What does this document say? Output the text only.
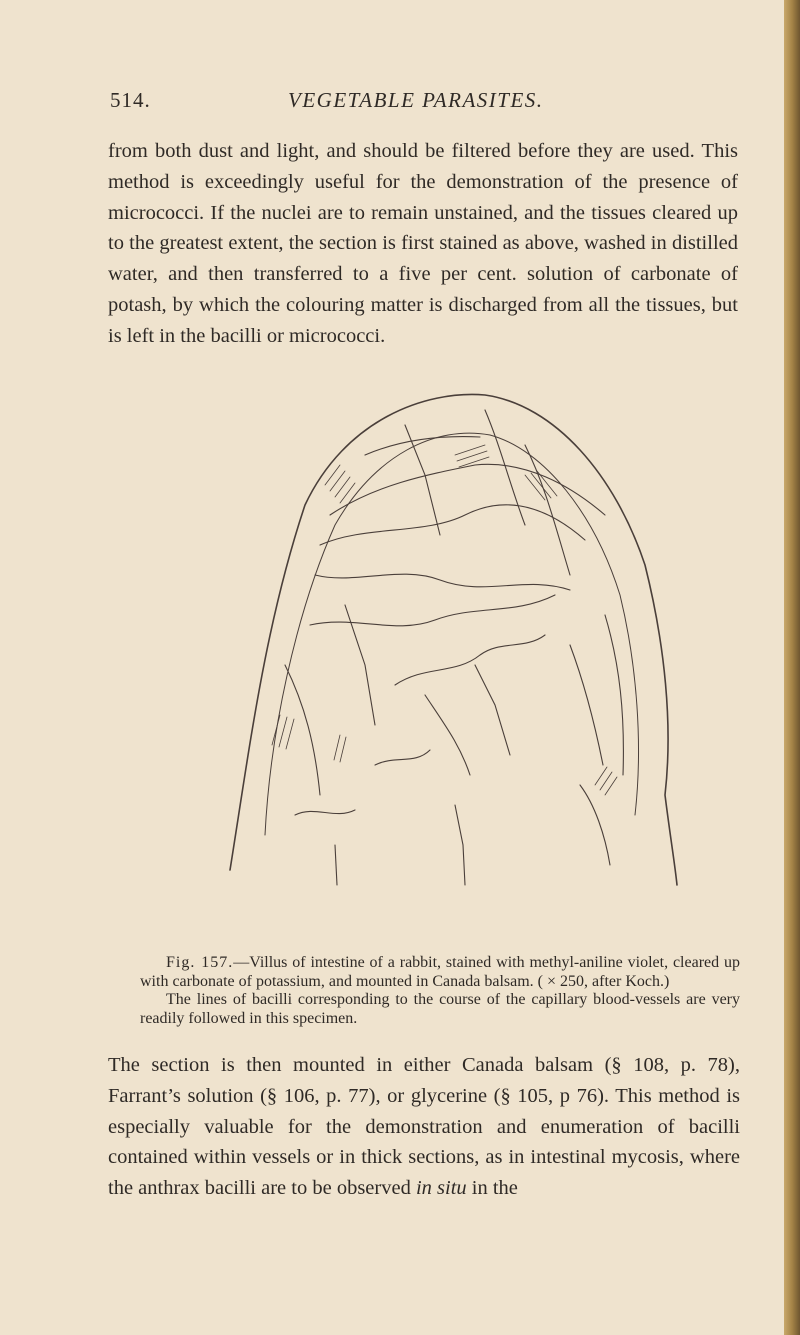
514.	VEGETABLE PARASITES.

from both dust and light, and should be filtered before they are used. This method is exceedingly useful for the demonstration of the presence of micrococci. If the nuclei are to remain unstained, and the tissues cleared up to the greatest extent, the section is first stained as above, washed in distilled water, and then transferred to a five per cent. solution of carbonate of potash, by which the colouring matter is discharged from all the tissues, but is left in the bacilli or micrococci.

Fig. 157.—Villus of intestine of a rabbit, stained with methyl-aniline violet, cleared up with carbonate of potassium, and mounted in Canada balsam. ( × 250, after Koch.)

The lines of bacilli corresponding to the course of the capillary blood-vessels are very readily followed in this specimen.

The section is then mounted in either Canada balsam (§ 108, p. 78), Farrant’s solution (§ 106, p. 77), or glycerine (§ 105, p 76). This method is especially valuable for the demonstration and enumeration of bacilli contained within vessels or in thick sections, as in intestinal mycosis, where the anthrax bacilli are to be observed in situ in the
